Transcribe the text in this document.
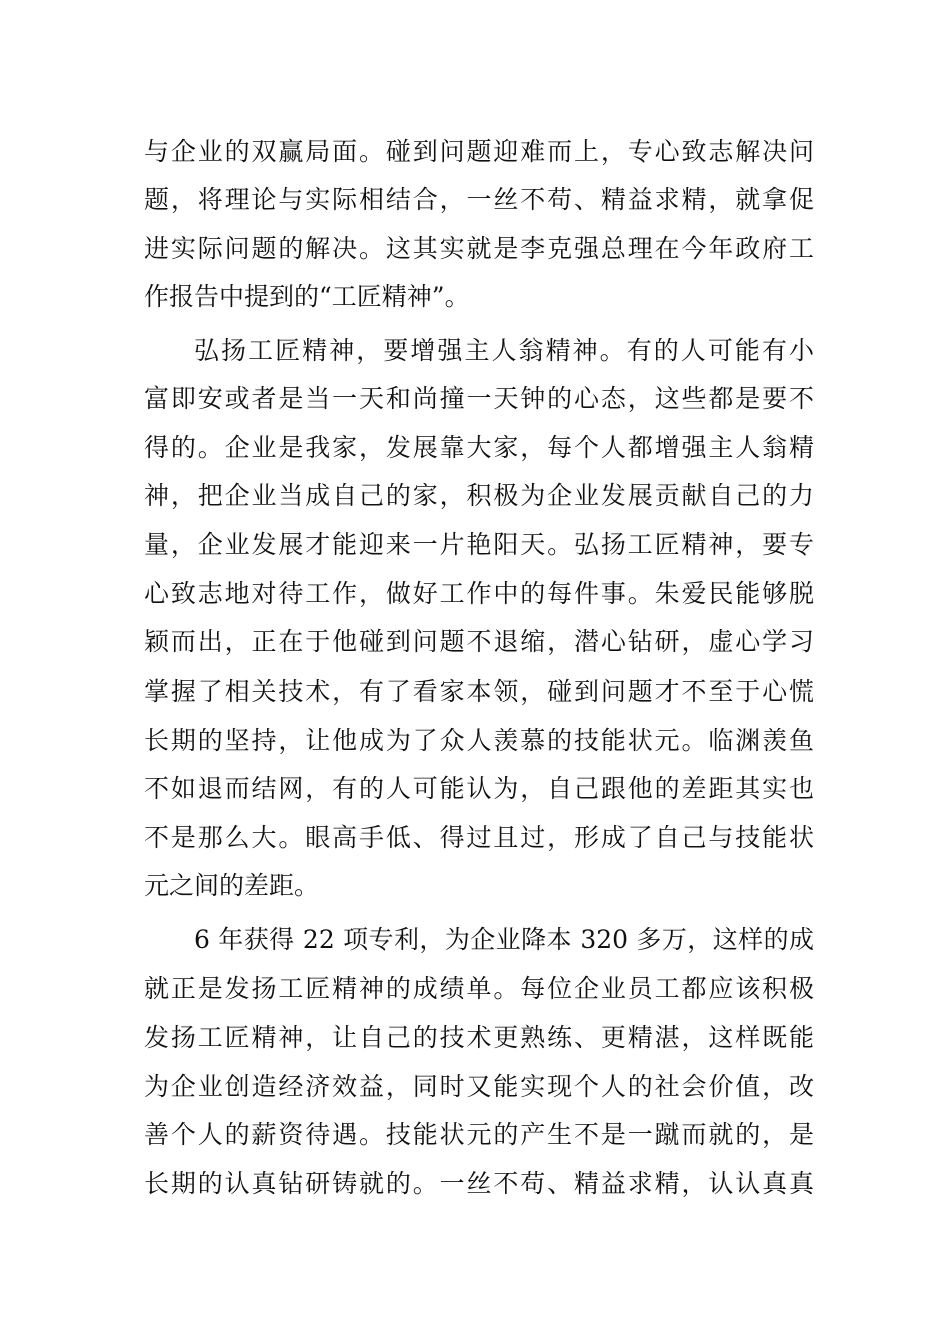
与企业的双赢局面。碰到问题迎难而上，专心致志解决问
题，将理论与实际相结合，一丝不苟、精益求精，就拿促
进实际问题的解决。这其实就是李克强总理在今年政府工
作报告中提到的“工匠精神”。
弘扬工匠精神，要增强主人翁精神。有的人可能有小
富即安或者是当一天和尚撞一天钟的心态，这些都是要不
得的。企业是我家，发展靠大家，每个人都增强主人翁精
神，把企业当成自己的家，积极为企业发展贡献自己的力
量，企业发展才能迎来一片艳阳天。弘扬工匠精神，要专
心致志地对待工作，做好工作中的每件事。朱爱民能够脱
颖而出，正在于他碰到问题不退缩，潜心钻研，虚心学习
掌握了相关技术，有了看家本领，碰到问题才不至于心慌
长期的坚持，让他成为了众人羡慕的技能状元。临渊羡鱼
不如退而结网，有的人可能认为，自己跟他的差距其实也
不是那么大。眼高手低、得过且过，形成了自己与技能状
元之间的差距。
6 年获得 22 项专利，为企业降本 320 多万，这样的成
就正是发扬工匠精神的成绩单。每位企业员工都应该积极
发扬工匠精神，让自己的技术更熟练、更精湛，这样既能
为企业创造经济效益，同时又能实现个人的社会价值，改
善个人的薪资待遇。技能状元的产生不是一蹴而就的，是
长期的认真钻研铸就的。一丝不苟、精益求精，认认真真
